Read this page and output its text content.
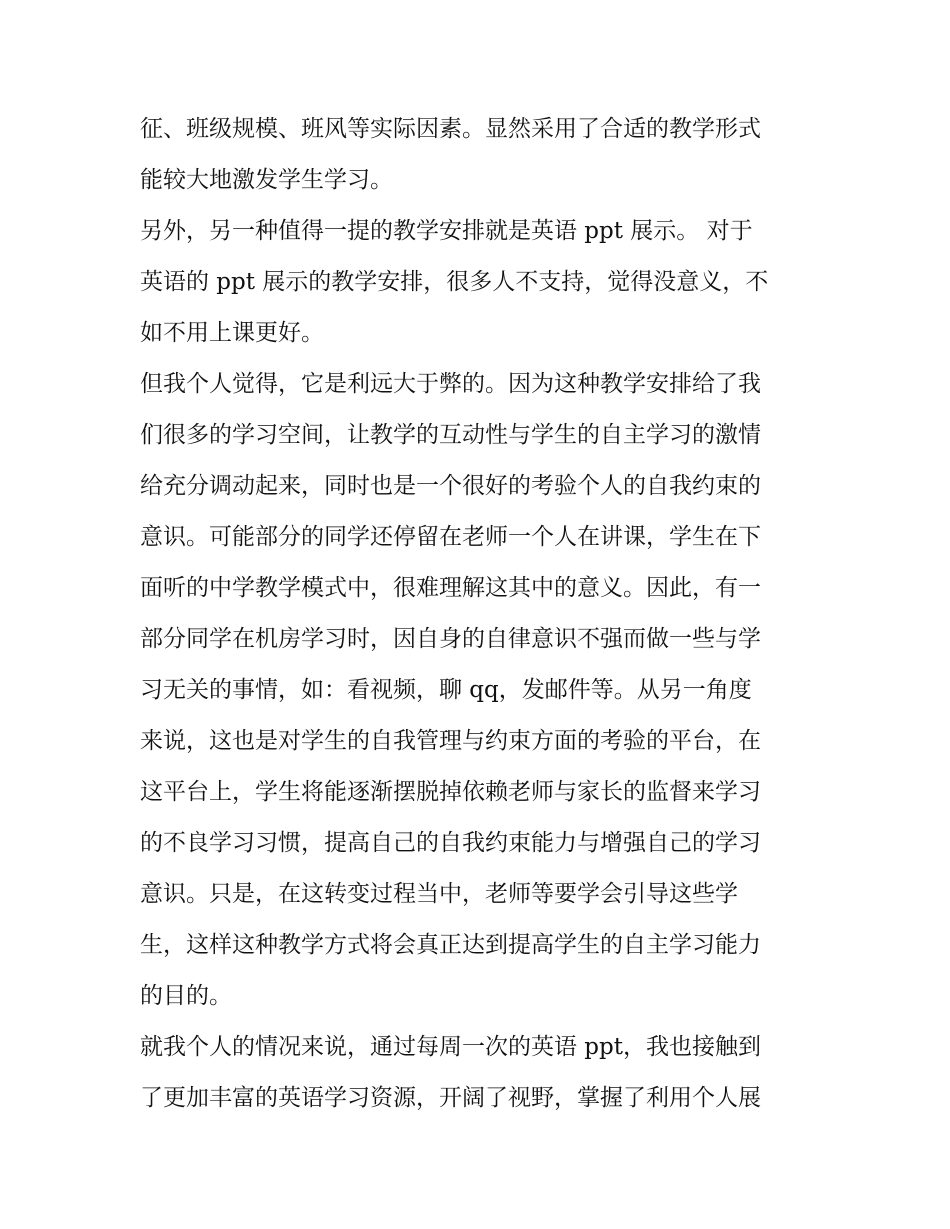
征、班级规模、班风等实际因素。显然采用了合适的教学形式
能较大地激发学生学习。
另外，另一种值得一提的教学安排就是英语 ppt 展示。 对于
英语的 ppt 展示的教学安排，很多人不支持，觉得没意义，不
如不用上课更好。
但我个人觉得，它是利远大于弊的。因为这种教学安排给了我
们很多的学习空间，让教学的互动性与学生的自主学习的激情
给充分调动起来，同时也是一个很好的考验个人的自我约束的
意识。可能部分的同学还停留在老师一个人在讲课，学生在下
面听的中学教学模式中，很难理解这其中的意义。因此，有一
部分同学在机房学习时，因自身的自律意识不强而做一些与学
习无关的事情，如：看视频，聊 qq，发邮件等。从另一角度
来说，这也是对学生的自我管理与约束方面的考验的平台，在
这平台上，学生将能逐渐摆脱掉依赖老师与家长的监督来学习
的不良学习习惯，提高自己的自我约束能力与增强自己的学习
意识。只是，在这转变过程当中，老师等要学会引导这些学
生，这样这种教学方式将会真正达到提高学生的自主学习能力
的目的。
就我个人的情况来说，通过每周一次的英语 ppt，我也接触到
了更加丰富的英语学习资源，开阔了视野，掌握了利用个人展
